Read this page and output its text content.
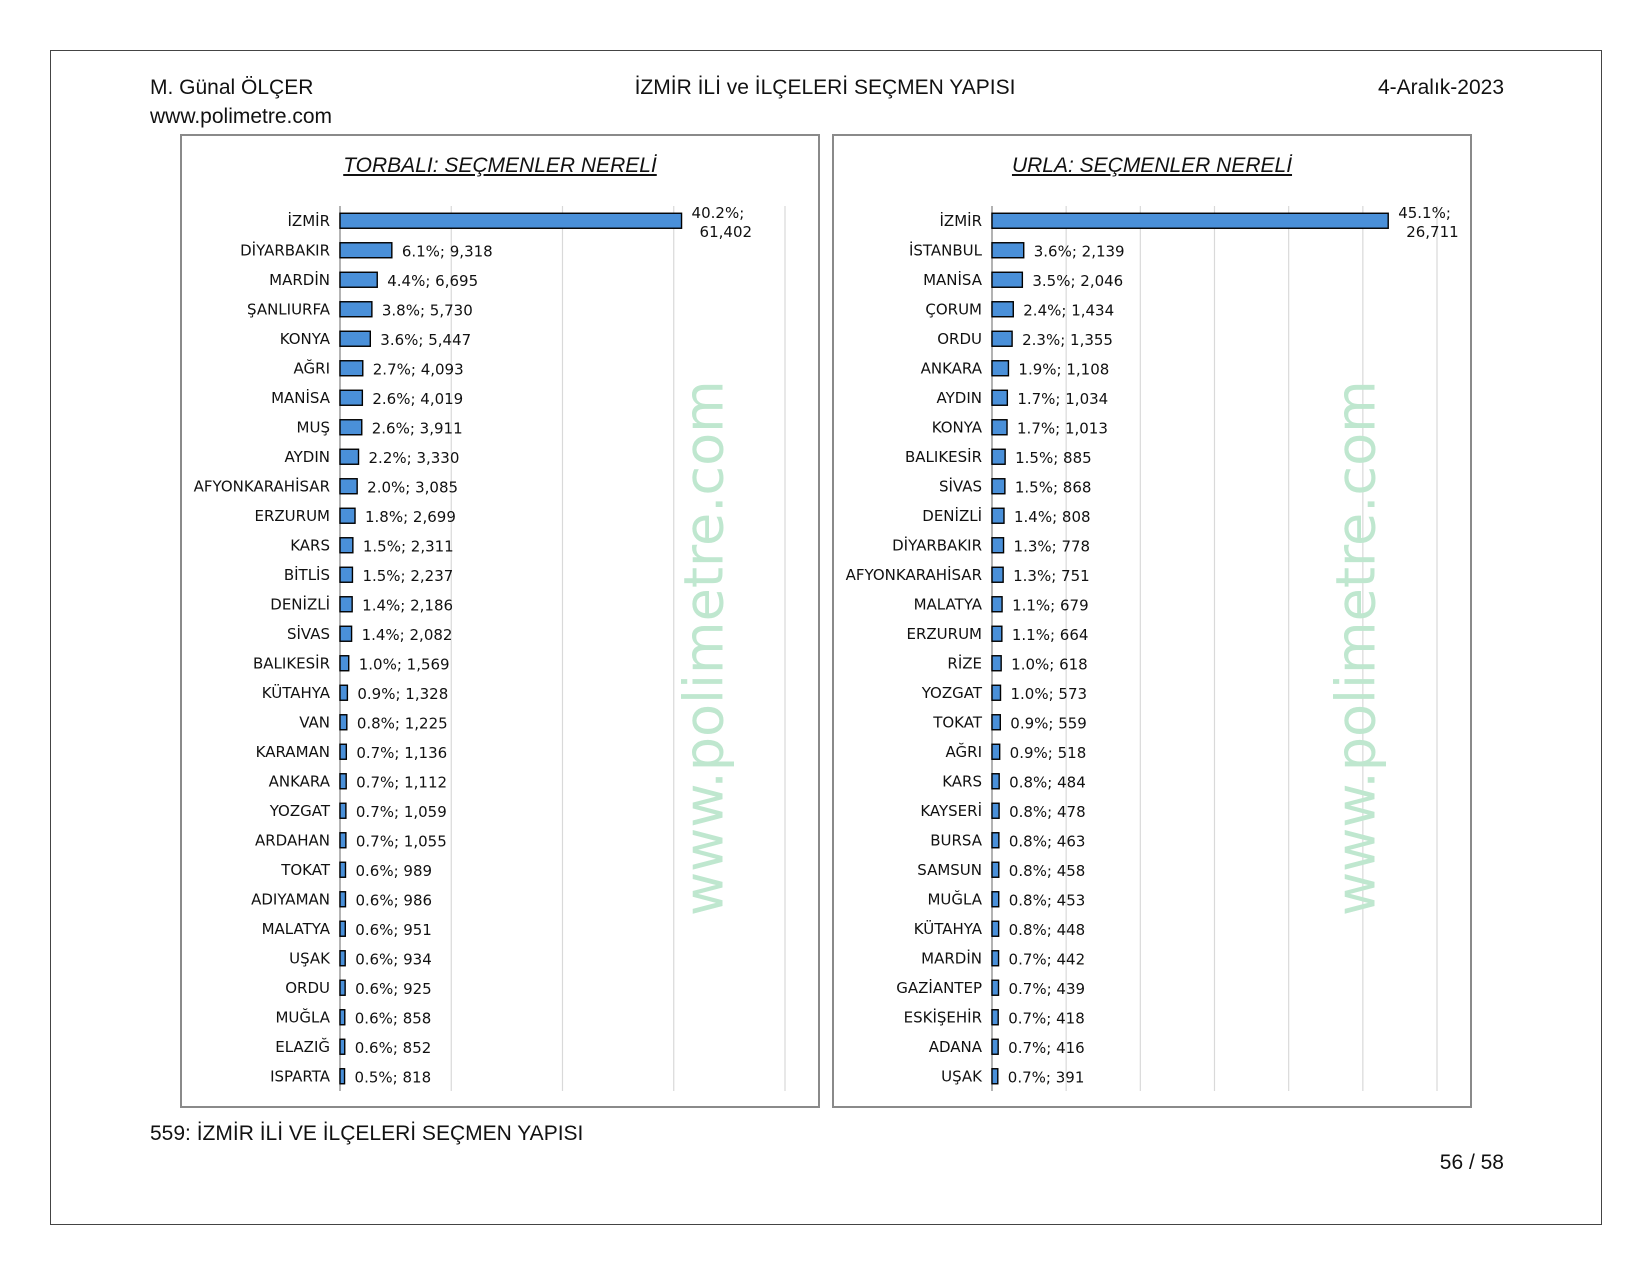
M. Günal ÖLÇER
www.polimetre.com
İZMİR İLİ ve İLÇELERİ SEÇMEN YAPISI	4-Aralık-2023
TORBALI: SEÇMENLER NERELİ
www.polimetre.com
İZMİR	40.2%;
61,402
DİYARBAKIR	6.1%; 9,318
MARDİN	4.4%; 6,695
ŞANLIURFA	3.8%; 5,730
KONYA	3.6%; 5,447
AĞRI	2.7%; 4,093
MANİSA	2.6%; 4,019
MUŞ	2.6%; 3,911
AYDIN	2.2%; 3,330
AFYONKARAHİSAR 2.0%; 3,085
ERZURUM 1.8%; 2,699
KARS 1.5%; 2,311
BİTLİS 1.5%; 2,237
DENİZLİ 1.4%; 2,186
SİVAS 1.4%; 2,082
BALIKESİR 1.0%; 1,569
KÜTAHYA 0.9%; 1,328
VAN 0.8%; 1,225
KARAMAN 0.7%; 1,136
ANKARA 0.7%; 1,112
YOZGAT 0.7%; 1,059
ARDAHAN 0.7%; 1,055
TOKAT 0.6%; 989
ADIYAMAN 0.6%; 986
MALATYA 0.6%; 951
UŞAK 0.6%; 934
ORDU 0.6%; 925
MUĞLA 0.6%; 858
ELAZIĞ 0.6%; 852
ISPARTA 0.5%; 818
URLA: SEÇMENLER NERELİ
www.polimetre.com
İZMİR	45.1%;
26,711
İSTANBUL	3.6%; 2,139
MANİSA	3.5%; 2,046
ÇORUM	2.4%; 1,434
ORDU	2.3%; 1,355
ANKARA 1.9%; 1,108
AYDIN 1.7%; 1,034
KONYA 1.7%; 1,013
BALIKESİR 1.5%; 885
SİVAS 1.5%; 868
DENİZLİ 1.4%; 808
DİYARBAKIR 1.3%; 778
AFYONKARAHİSAR 1.3%; 751
MALATYA 1.1%; 679
ERZURUM 1.1%; 664
RİZE 1.0%; 618
YOZGAT 1.0%; 573
TOKAT 0.9%; 559
AĞRI 0.9%; 518
KARS 0.8%; 484
KAYSERİ 0.8%; 478
BURSA 0.8%; 463
SAMSUN 0.8%; 458
MUĞLA 0.8%; 453
KÜTAHYA 0.8%; 448
MARDİN 0.7%; 442
GAZİANTEP 0.7%; 439
ESKİŞEHİR 0.7%; 418
ADANA 0.7%; 416
UŞAK 0.7%; 391
559: İZMİR İLİ VE İLÇELERİ SEÇMEN YAPISI
56 / 58
